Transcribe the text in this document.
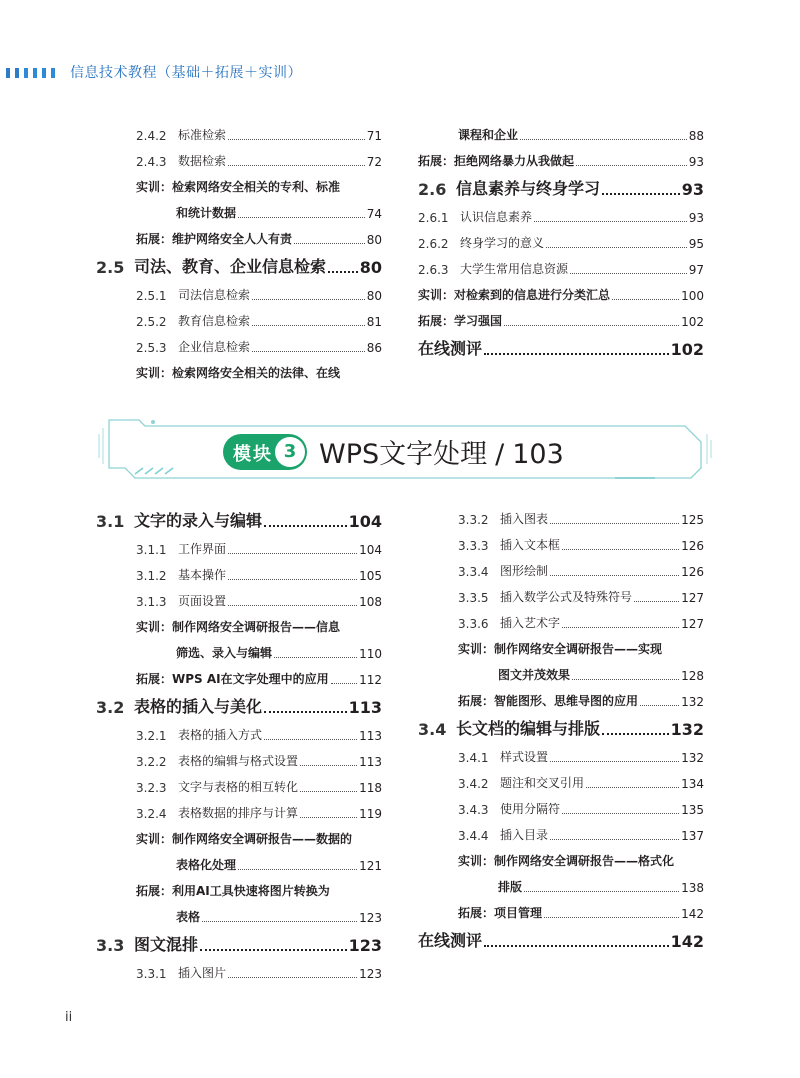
信息技术教程（基础＋拓展＋实训）
2.4.2 标准检索	71
2.4.3 数据检索	72
实训： 检索网络安全相关的专利、标准
和统计数据	74
拓展： 维护网络安全人人有责	80
2.5 司法、教育、企业信息检索 80
2.5.1 司法信息检索	80
2.5.2 教育信息检索	81
2.5.3 企业信息检索	86
实训： 检索网络安全相关的法律、在线
课程和企业	88
拓展： 拒绝网络暴力从我做起	93
2.6 信息素养与终身学习	93
2.6.1 认识信息素养	93
2.6.2 终身学习的意义	95
2.6.3 大学生常用信息资源	97
实训： 对检索到的信息进行分类汇总	100
拓展： 学习强国	102
在线测评	102
模块 3 WPS文字处理 / 103
3.1 文字的录入与编辑	104
3.1.1 工作界面	104
3.1.2 基本操作	105
3.1.3 页面设置	108
实训： 制作网络安全调研报告——信息
筛选、录入与编辑	110
拓展： WPS AI在文字处理中的应用	112
3.2 表格的插入与美化	113
3.2.1 表格的插入方式	113
3.2.2 表格的编辑与格式设置	113
3.2.3 文字与表格的相互转化	118
3.2.4 表格数据的排序与计算	119
实训： 制作网络安全调研报告——数据的
表格化处理	121
拓展： 利用AI工具快速将图片转换为
表格	123
3.3 图文混排	123
3.3.1 插入图片	123
3.3.2 插入图表	125
3.3.3 插入文本框	126
3.3.4 图形绘制	126
3.3.5 插入数学公式及特殊符号	127
3.3.6 插入艺术字	127
实训： 制作网络安全调研报告——实现
图文并茂效果	128
拓展： 智能图形、思维导图的应用	132
3.4 长文档的编辑与排版	132
3.4.1 样式设置	132
3.4.2 题注和交叉引用	134
3.4.3 使用分隔符	135
3.4.4 插入目录	137
实训： 制作网络安全调研报告——格式化
排版	138
拓展： 项目管理	142
在线测评	142
ii
